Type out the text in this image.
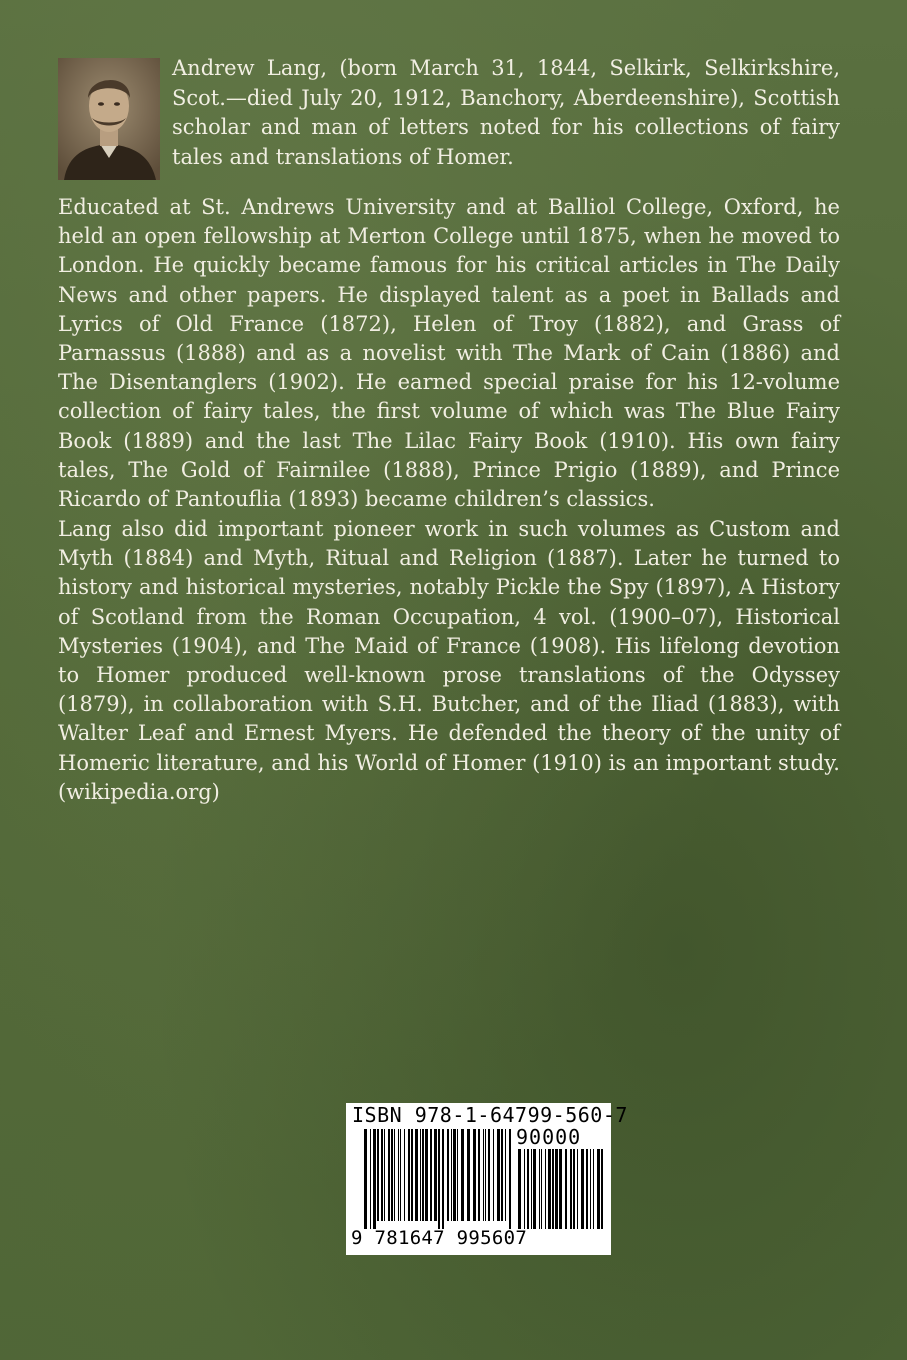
Andrew Lang, (born March 31, 1844, Selkirk, Selkirkshire, Scot.—died July 20, 1912, Banchory, Aberdeenshire), Scottish scholar and man of letters noted for his collections of fairy tales and translations of Homer.

Educated at St. Andrews University and at Balliol College, Oxford, he held an open fellowship at Merton College until 1875, when he moved to London. He quickly became famous for his critical articles in The Daily News and other papers. He displayed talent as a poet in Ballads and Lyrics of Old France (1872), Helen of Troy (1882), and Grass of Parnassus (1888) and as a novelist with The Mark of Cain (1886) and The Disentanglers (1902). He earned special praise for his 12-volume collection of fairy tales, the first volume of which was The Blue Fairy Book (1889) and the last The Lilac Fairy Book (1910). His own fairy tales, The Gold of Fairnilee (1888), Prince Prigio (1889), and Prince Ricardo of Pantouflia (1893) became children’s classics.

Lang also did important pioneer work in such volumes as Custom and Myth (1884) and Myth, Ritual and Religion (1887). Later he turned to history and historical mysteries, notably Pickle the Spy (1897), A History of Scotland from the Roman Occupation, 4 vol. (1900–07), Historical Mysteries (1904), and The Maid of France (1908). His lifelong devotion to Homer produced well-known prose translations of the Odyssey (1879), in collaboration with S.H. Butcher, and of the Iliad (1883), with Walter Leaf and Ernest Myers. He defended the theory of the unity of Homeric literature, and his World of Homer (1910) is an important study. (wikipedia.org)

ISBN 978-1-64799-560-7
90000
9 781647 995607
